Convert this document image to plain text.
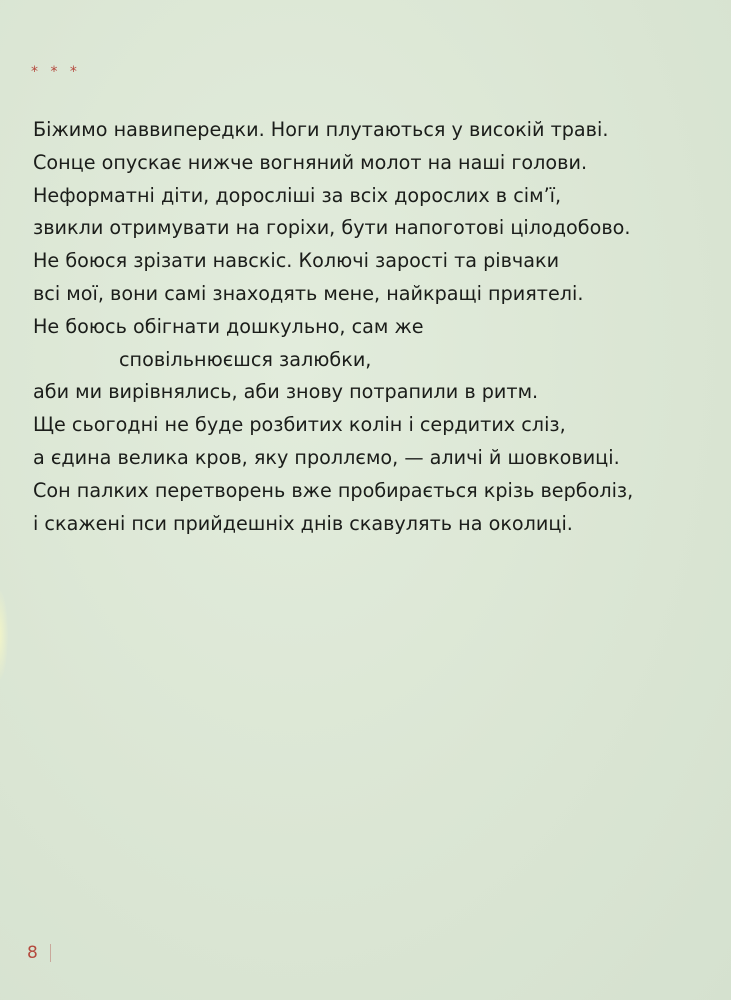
* * *

Біжимо наввипередки. Ноги плутаються у високій траві.
Сонце опускає нижче вогняний молот на наші голови.
Неформатні діти, доросліші за всіх дорослих в сім’ї,
звикли отримувати на горіхи, бути напоготові цілодобово.
Не боюся зрізати навскіс. Колючі зарості та рівчаки
всі мої, вони самі знаходять мене, найкращі приятелі.
Не боюсь обігнати дошкульно, сам же
сповільнюєшся залюбки,
аби ми вирівнялись, аби знову потрапили в ритм.
Ще сьогодні не буде розбитих колін і сердитих сліз,
а єдина велика кров, яку проллємо, — аличі й шовковиці.
Сон палких перетворень вже пробирається крізь верболіз,
і скажені пси прийдешніх днів скавулять на околиці.
8
